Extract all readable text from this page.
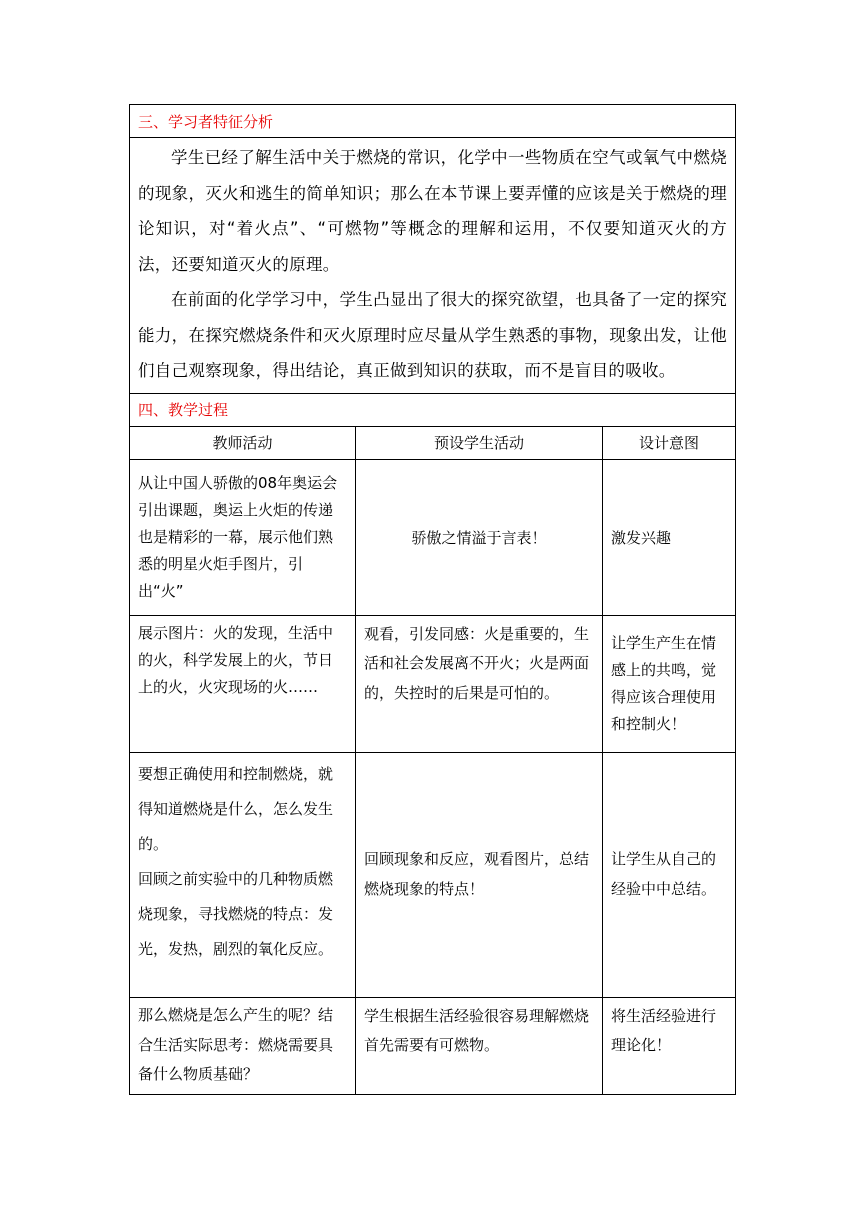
三、学习者特征分析		

学生已经了解生活中关于燃烧的常识，化学中一些物质在空气或氧气中燃烧的现象，灭火和逃生的简单知识；那么在本节课上要弄懂的应该是关于燃烧的理论知识，对“着火点”、“可燃物”等概念的理解和运用，不仅要知道灭火的方法，还要知道灭火的原理。

在前面的化学学习中，学生凸显出了很大的探究欲望，也具备了一定的探究能力，在探究燃烧条件和灭火原理时应尽量从学生熟悉的事物，现象出发，让他们自己观察现象，得出结论，真正做到知识的获取，而不是盲目的吸收。		

四、教学过程		
教师活动	预设学生活动	设计意图
从让中国人骄傲的08年奥运会引出课题，奥运上火炬的传递也是精彩的一幕，展示他们熟悉的明星火炬手图片，引出“火”	骄傲之情溢于言表！	激发兴趣
展示图片：火的发现，生活中的火，科学发展上的火，节日上的火，火灾现场的火……	观看，引发同感：火是重要的，生活和社会发展离不开火；火是两面的，失控时的后果是可怕的。	让学生产生在情感上的共鸣，觉得应该合理使用和控制火！

要想正确使用和控制燃烧，就得知道燃烧是什么，怎么发生的。
回顾之前实验中的几种物质燃烧现象，寻找燃烧的特点：发光，发热，剧烈的氧化反应。	回顾现象和反应，观看图片，总结燃烧现象的特点！	让学生从自己的经验中中总结。
那么燃烧是怎么产生的呢？结合生活实际思考：燃烧需要具备什么物质基础？	学生根据生活经验很容易理解燃烧首先需要有可燃物。	将生活经验进行理论化！
